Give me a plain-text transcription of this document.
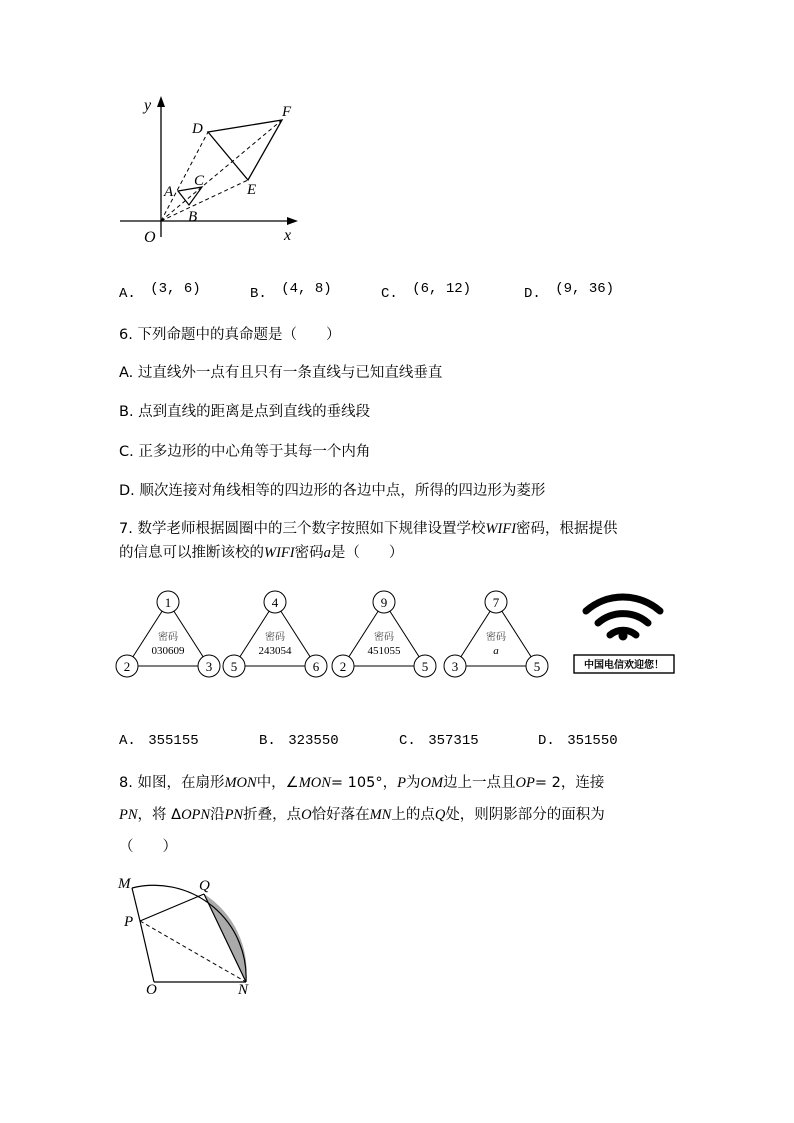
y
x
O
D
F
E
A
C
B
A. (3, 6)	B. (4, 8)	C. (6, 12)	D. (9, 36)
6. 下列命题中的真命题是（　　）
A. 过直线外一点有且只有一条直线与已知直线垂直
B. 点到直线的距离是点到直线的垂线段
C. 正多边形的中心角等于其每一个内角
D. 顺次连接对角线相等的四边形的各边中点，所得的四边形为菱形
7. 数学老师根据圆圈中的三个数字按照如下规律设置学校WIFI密码，根据提供
的信息可以推断该校的WIFI密码a是（　　）
1
2	3
密码
030609
4
5	6
密码
243054
9
2	5
密码
451055
7
3	5
密码
a
中国电信欢迎您！
A. 355155	B. 323550	C. 357315	D. 351550
8. 如图，在扇形MON中，∠MON= 105°，P为OM边上一点且OP= 2，连接
PN，将 ΔOPN沿PN折叠，点O恰好落在MN上的点Q处，则阴影部分的面积为
（　　）
M	Q
P
O	N
